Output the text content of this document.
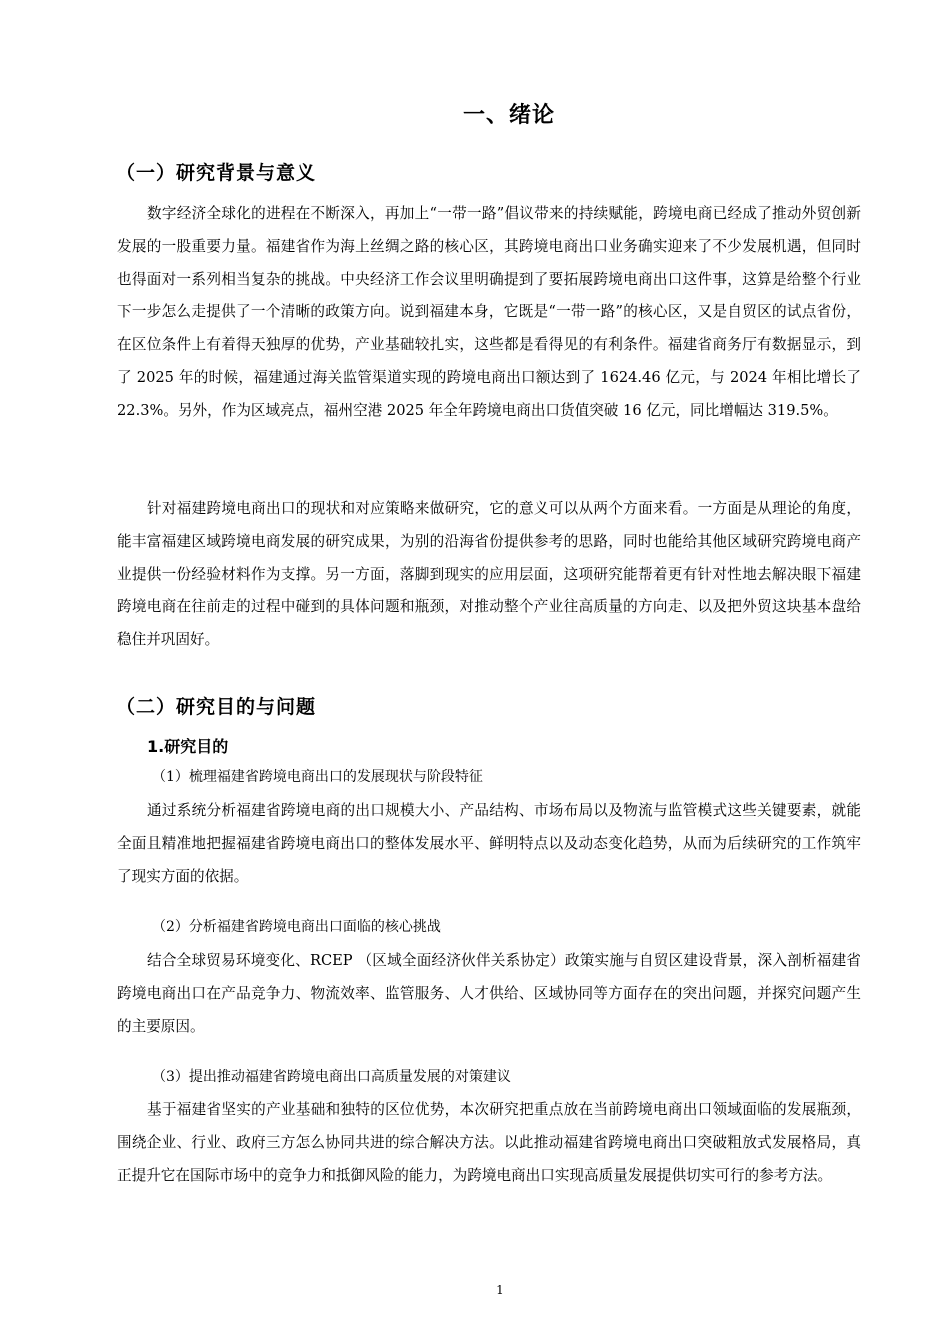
一、绪论
（一）研究背景与意义

数字经济全球化的进程在不断深入，再加上“一带一路”倡议带来的持续赋能，跨境电商已经成了推动外贸创新发展的一股重要力量。福建省作为海上丝绸之路的核心区，其跨境电商出口业务确实迎来了不少发展机遇，但同时也得面对一系列相当复杂的挑战。中央经济工作会议里明确提到了要拓展跨境电商出口这件事，这算是给整个行业下一步怎么走提供了一个清晰的政策方向。说到福建本身，它既是“一带一路”的核心区，又是自贸区的试点省份，在区位条件上有着得天独厚的优势，产业基础较扎实，这些都是看得见的有利条件。福建省商务厅有数据显示，到了 2025 年的时候，福建通过海关监管渠道实现的跨境电商出口额达到了 1624.46 亿元，与 2024 年相比增长了 22.3%。另外，作为区域亮点，福州空港 2025 年全年跨境电商出口货值突破 16 亿元，同比增幅达 319.5%。

针对福建跨境电商出口的现状和对应策略来做研究，它的意义可以从两个方面来看。一方面是从理论的角度，能丰富福建区域跨境电商发展的研究成果，为别的沿海省份提供参考的思路，同时也能给其他区域研究跨境电商产业提供一份经验材料作为支撑。另一方面，落脚到现实的应用层面，这项研究能帮着更有针对性地去解决眼下福建跨境电商在往前走的过程中碰到的具体问题和瓶颈，对推动整个产业往高质量的方向走、以及把外贸这块基本盘给稳住并巩固好。

（二）研究目的与问题
1.研究目的
（1）梳理福建省跨境电商出口的发展现状与阶段特征

通过系统分析福建省跨境电商的出口规模大小、产品结构、市场布局以及物流与监管模式这些关键要素，就能全面且精准地把握福建省跨境电商出口的整体发展水平、鲜明特点以及动态变化趋势，从而为后续研究的工作筑牢了现实方面的依据。

（2）分析福建省跨境电商出口面临的核心挑战

结合全球贸易环境变化、RCEP （区域全面经济伙伴关系协定）政策实施与自贸区建设背景，深入剖析福建省跨境电商出口在产品竞争力、物流效率、监管服务、人才供给、区域协同等方面存在的突出问题，并探究问题产生的主要原因。

（3）提出推动福建省跨境电商出口高质量发展的对策建议

基于福建省坚实的产业基础和独特的区位优势，本次研究把重点放在当前跨境电商出口领域面临的发展瓶颈，围绕企业、行业、政府三方怎么协同共进的综合解决方法。以此推动福建省跨境电商出口突破粗放式发展格局，真正提升它在国际市场中的竞争力和抵御风险的能力，为跨境电商出口实现高质量发展提供切实可行的参考方法。

1
